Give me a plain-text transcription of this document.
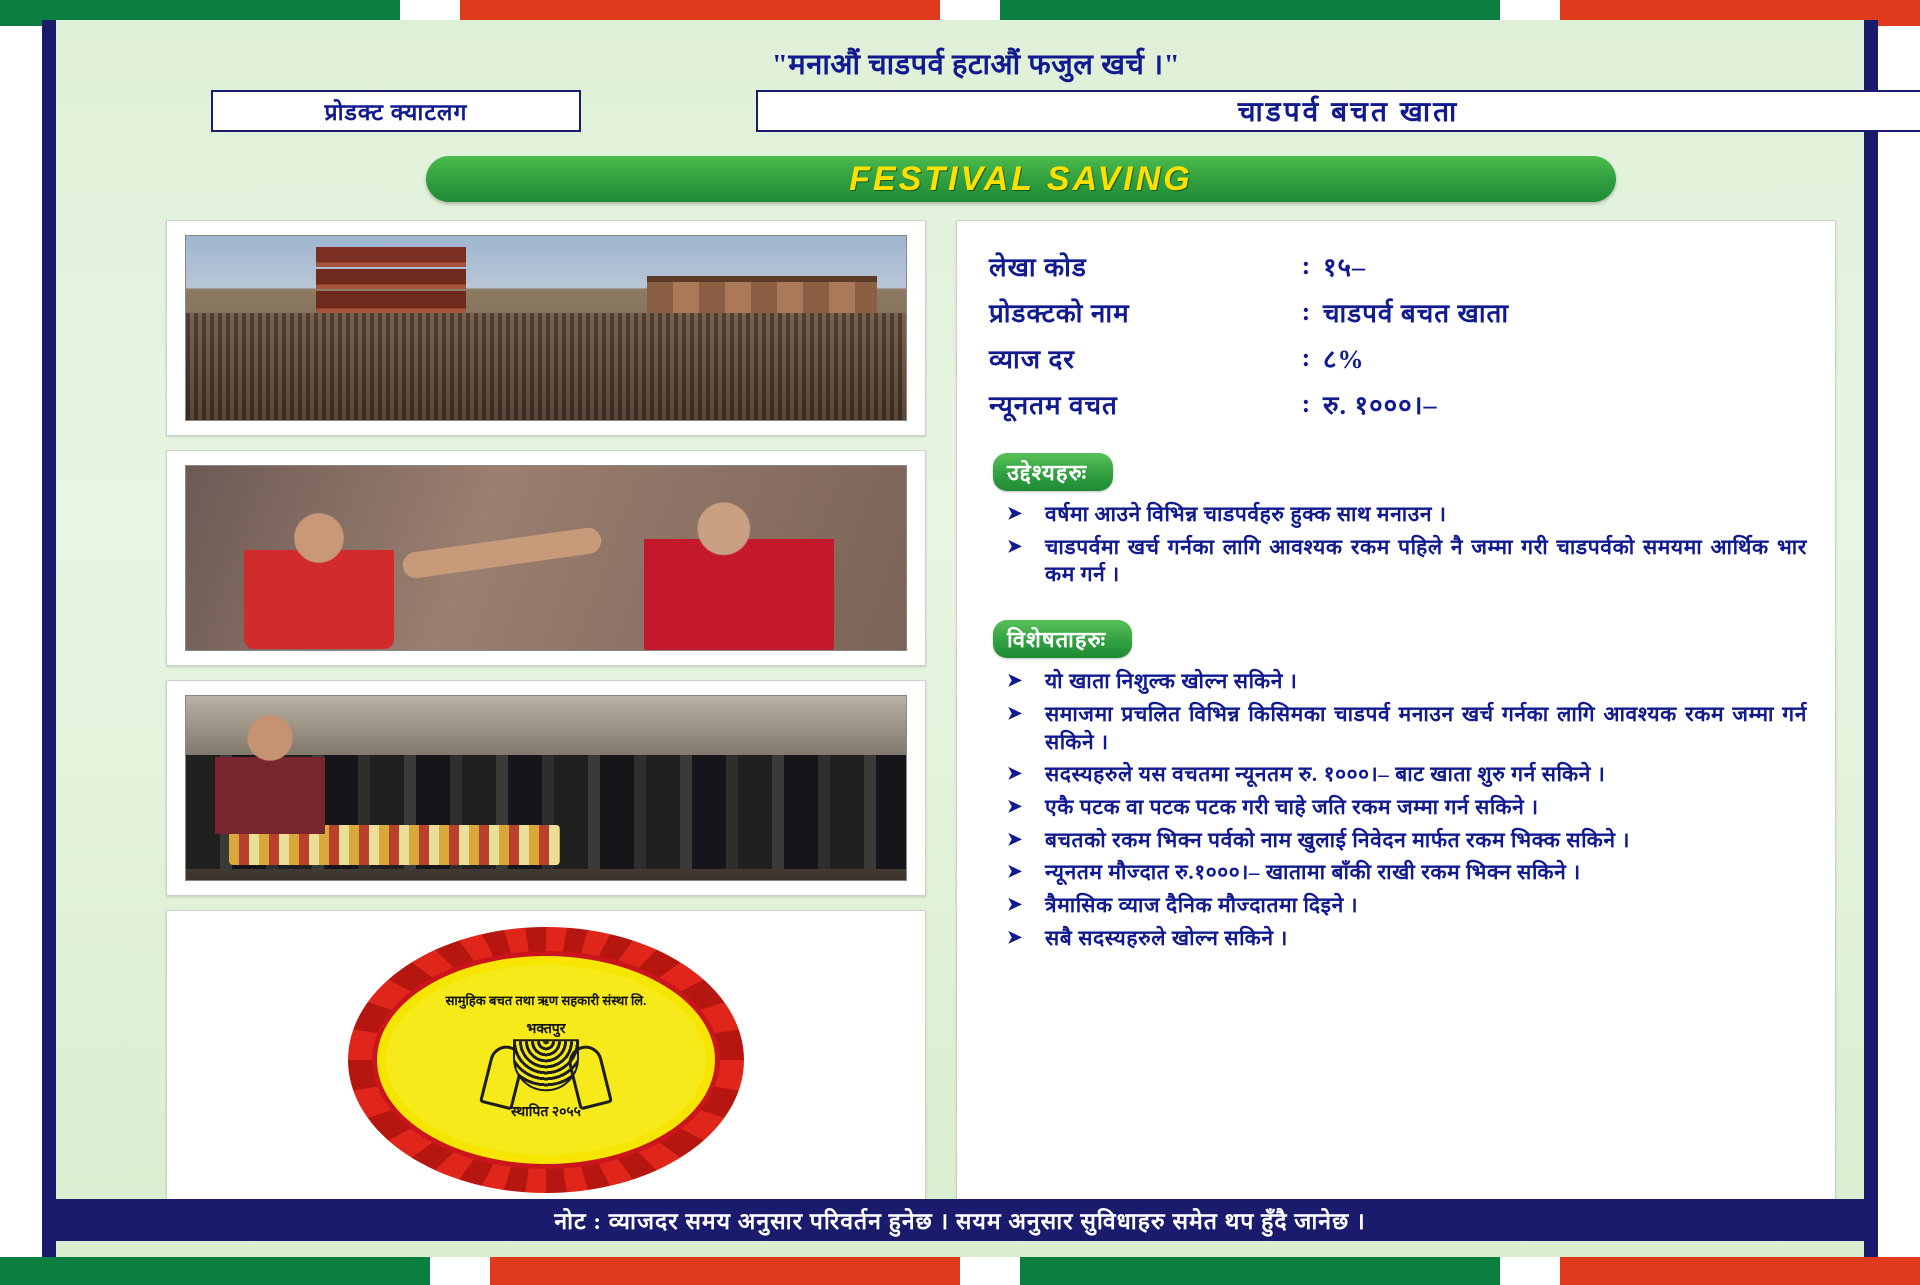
"मनाऔं चाडपर्व हटाऔं फजुल खर्च ।"
प्रोडक्ट क्याटलग	चाडपर्व बचत खाता
FESTIVAL SAVING
सामुहिक बचत तथा ऋण सहकारी संस्था लि.
भक्तपुर
स्थापित २०५५
लेखा कोड	:	१५–
प्रोडक्टको नाम	:	चाडपर्व बचत खाता
व्याज दर	:	८%
न्यूनतम वचत	:	रु. १०००।–
उद्देश्यहरुः
➤ वर्षमा आउने विभिन्न चाडपर्वहरु हुक्क साथ मनाउन ।
➤ चाडपर्वमा खर्च गर्नका लागि आवश्यक रकम पहिले नै जम्मा गरी चाडपर्वको समयमा आर्थिक भार कम गर्न ।
विशेषताहरुः
➤ यो खाता निशुल्क खोल्न सकिने ।
➤ समाजमा प्रचलित विभिन्न किसिमका चाडपर्व मनाउन खर्च गर्नका लागि आवश्यक रकम जम्मा गर्न सकिने ।
➤ सदस्यहरुले यस वचतमा न्यूनतम रु. १०००।– बाट खाता शुरु गर्न सकिने ।
➤ एकै पटक वा पटक पटक गरी चाहे जति रकम जम्मा गर्न सकिने ।
➤ बचतको रकम भिक्न पर्वको नाम खुलाई निवेदन मार्फत रकम भिक्क सकिने ।
➤ न्यूनतम मौज्दात रु.१०००।– खातामा बाँकी राखी रकम भिक्न सकिने ।
➤ त्रैमासिक व्याज दैनिक मौज्दातमा दिइने ।
➤ सबै सदस्यहरुले खोल्न सकिने ।
नोट : व्याजदर समय अनुसार परिवर्तन हुनेछ । सयम अनुसार सुविधाहरु समेत थप हुँदै जानेछ ।
